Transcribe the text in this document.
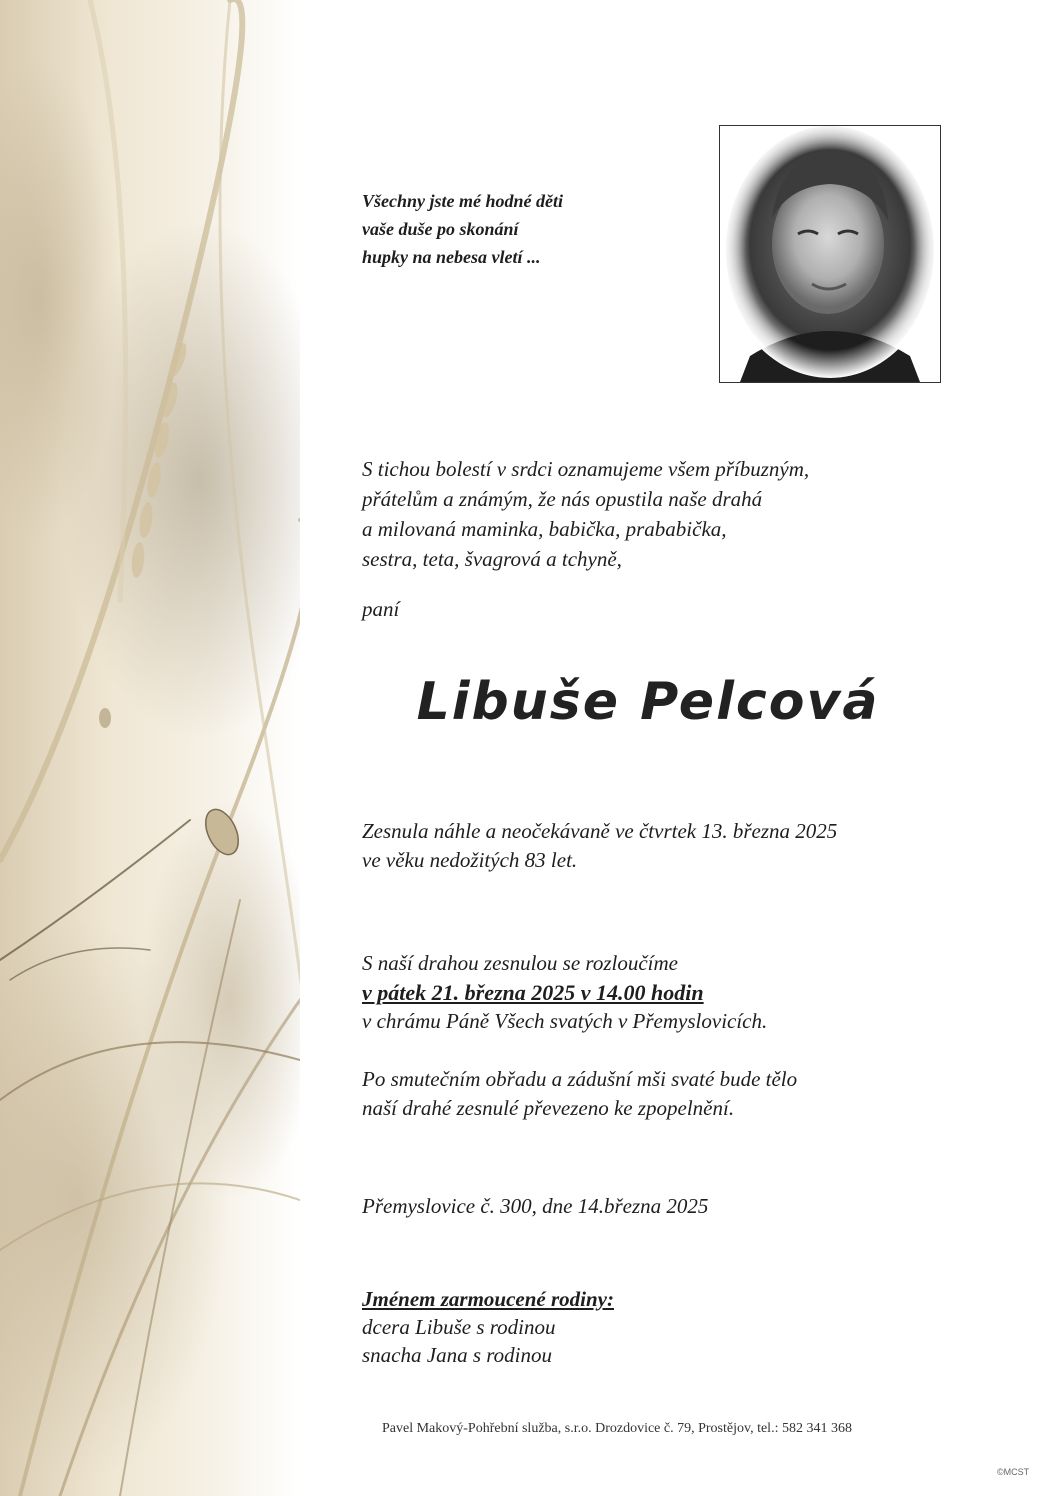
Všechny jste mé hodné děti
vaše duše po skonání
hupky na nebesa vletí ...
S tichou bolestí v srdci oznamujeme všem příbuzným,
přátelům a známým, že nás opustila naše drahá
a milovaná maminka, babička, prababička,
sestra, teta, švagrová a tchyně,
paní
Libuše Pelcová
Zesnula náhle a neočekávaně ve čtvrtek 13. března 2025
ve věku nedožitých 83 let.
S naší drahou zesnulou se rozloučíme
v pátek 21. března 2025 v 14.00 hodin
v chrámu Páně Všech svatých v Přemyslovicích.
Po smutečním obřadu a zádušní mši svaté bude tělo
naší drahé zesnulé převezeno ke zpopelnění.
Přemyslovice č. 300, dne 14.března 2025
Jménem zarmoucené rodiny:
dcera Libuše s rodinou
snacha Jana s rodinou
Pavel Makový-Pohřební služba, s.r.o. Drozdovice č. 79, Prostějov, tel.: 582 341 368
©MCST
